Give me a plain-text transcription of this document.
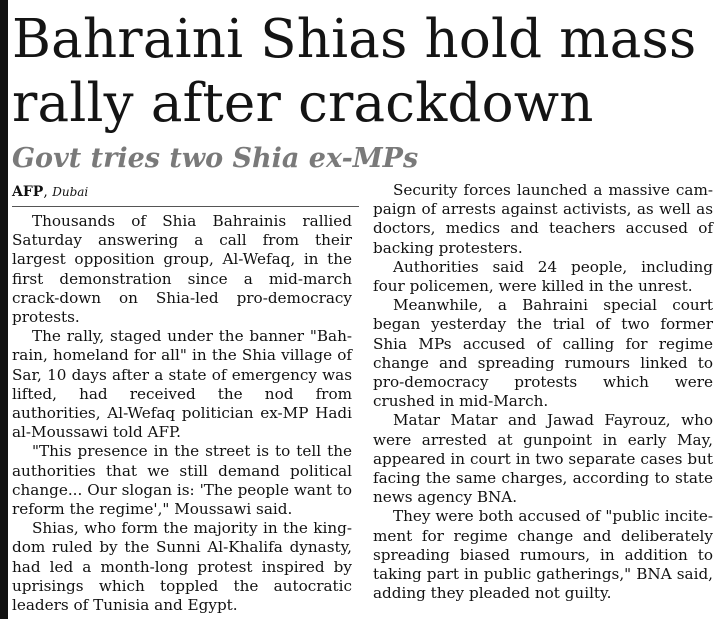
Bahraini Shias hold mass rally after crackdown
Govt tries two Shia ex-MPs
AFP, Dubai

Thousands of Shia Bahrainis rallied Saturday answering a call from their largest opposition group, Al-Wefaq, in the first demonstration since a mid-march crack-down on Shia-led pro-democracy protests.

The rally, staged under the banner "Bah-rain, homeland for all" in the Shia village of Sar, 10 days after a state of emergency was lifted, had received the nod from authorities, Al-Wefaq politician ex-MP Hadi al-Moussawi told AFP.

"This presence in the street is to tell the authorities that we still demand political change... Our slogan is: 'The people want to reform the regime'," Moussawi said.

Shias, who form the majority in the king-dom ruled by the Sunni Al-Khalifa dynasty, had led a month-long protest inspired by uprisings which toppled the autocratic leaders of Tunisia and Egypt.

Security forces launched a massive cam-paign of arrests against activists, as well as doctors, medics and teachers accused of backing protesters.

Authorities said 24 people, including four policemen, were killed in the unrest.

Meanwhile, a Bahraini special court began yesterday the trial of two former Shia MPs accused of calling for regime change and spreading rumours linked to pro-democracy protests which were crushed in mid-March.

Matar Matar and Jawad Fayrouz, who were arrested at gunpoint in early May, appeared in court in two separate cases but facing the same charges, according to state news agency BNA.

They were both accused of "public incite-ment for regime change and deliberately spreading biased rumours, in addition to taking part in public gatherings," BNA said, adding they pleaded not guilty.
